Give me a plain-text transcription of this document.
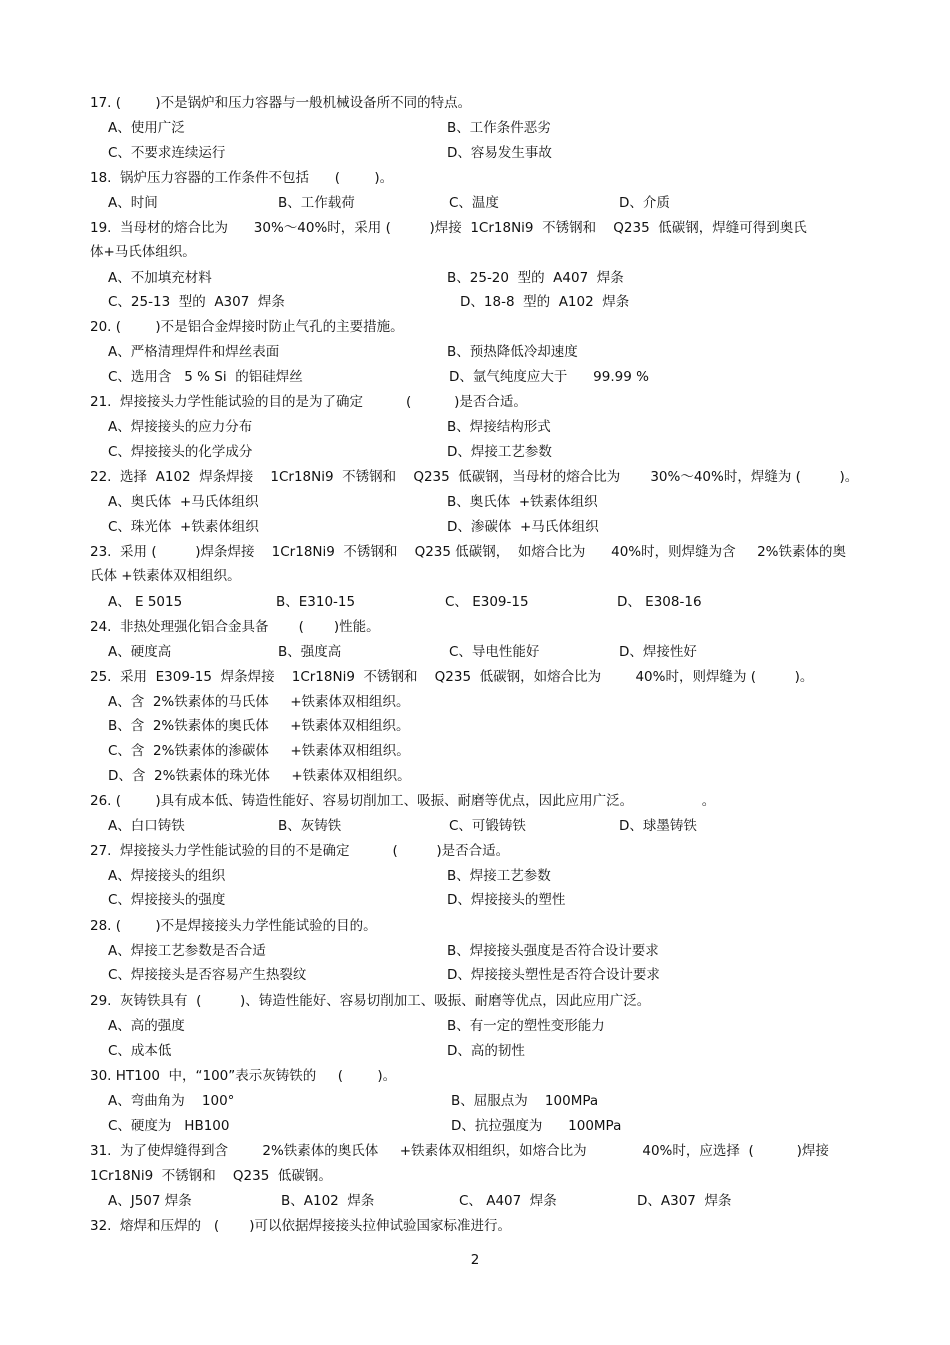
17. (        )不是锅炉和压力容器与一般机械设备所不同的特点。
A、使用广泛	B、工作条件恶劣
C、不要求连续运行	D、容易发生事故
18.  锅炉压力容器的工作条件不包括      (        )。
A、时间	B、工作载荷	C、温度	D、介质
19.  当母材的熔合比为      30%～40%时，采用 (         )焊接  1Cr18Ni9  不锈钢和    Q235  低碳钢，焊缝可得到奥氏
体+马氏体组织。
A、不加填充材料	B、25-20  型的  A407  焊条
C、25-13  型的  A307  焊条	D、18-8  型的  A102  焊条
20. (        )不是铝合金焊接时防止气孔的主要措施。
A、严格清理焊件和焊丝表面	B、预热降低冷却速度
C、选用含   5 % Si  的铝硅焊丝	D、氩气纯度应大于      99.99 %
21.  焊接接头力学性能试验的目的是为了确定          (          )是否合适。
A、焊接接头的应力分布	B、焊接结构形式
C、焊接接头的化学成分	D、焊接工艺参数
22.  选择  A102  焊条焊接    1Cr18Ni9  不锈钢和    Q235  低碳钢，当母材的熔合比为       30%～40%时，焊缝为 (         )。
A、奥氏体  +马氏体组织	B、奥氏体  +铁素体组织
C、珠光体  +铁素体组织	D、渗碳体  +马氏体组织
23.  采用 (         )焊条焊接    1Cr18Ni9  不锈钢和    Q235 低碳钢，  如熔合比为      40%时，则焊缝为含     2%铁素体的奥
氏体 +铁素体双相组织。
A、 E 5015	B、E310-15	C、 E309-15	D、 E308-16
24.  非热处理强化铝合金具备       (       )性能。
A、硬度高	B、强度高	C、导电性能好	D、焊接性好
25.  采用  E309-15  焊条焊接    1Cr18Ni9  不锈钢和    Q235  低碳钢，如熔合比为        40%时，则焊缝为 (         )。
A、含  2%铁素体的马氏体     +铁素体双相组织。
B、含  2%铁素体的奥氏体     +铁素体双相组织。
C、含  2%铁素体的渗碳体     +铁素体双相组织。
D、含  2%铁素体的珠光体     +铁素体双相组织。
26. (        )具有成本低、铸造性能好、容易切削加工、吸振、耐磨等优点，因此应用广泛。                。
A、白口铸铁	B、灰铸铁	C、可锻铸铁	D、球墨铸铁
27.  焊接接头力学性能试验的目的不是确定          (         )是否合适。
A、焊接接头的组织	B、焊接工艺参数
C、焊接接头的强度	D、焊接接头的塑性
28. (        )不是焊接接头力学性能试验的目的。
A、焊接工艺参数是否合适	B、焊接接头强度是否符合设计要求
C、焊接接头是否容易产生热裂纹	D、焊接接头塑性是否符合设计要求
29.  灰铸铁具有  (         )、铸造性能好、容易切削加工、吸振、耐磨等优点，因此应用广泛。
A、高的强度	B、有一定的塑性变形能力
C、成本低	D、高的韧性
30. HT100  中，“100”表示灰铸铁的     (        )。
A、弯曲角为    100°	B、屈服点为    100MPa
C、硬度为   HB100	D、抗拉强度为      100MPa
31.  为了使焊缝得到含        2%铁素体的奥氏体     +铁素体双相组织，如熔合比为             40%时，应选择  (          )焊接
1Cr18Ni9  不锈钢和    Q235  低碳钢。
A、J507 焊条	B、A102  焊条	C、 A407  焊条	D、A307  焊条
32.  熔焊和压焊的   (       )可以依据焊接接头拉伸试验国家标准进行。
2
